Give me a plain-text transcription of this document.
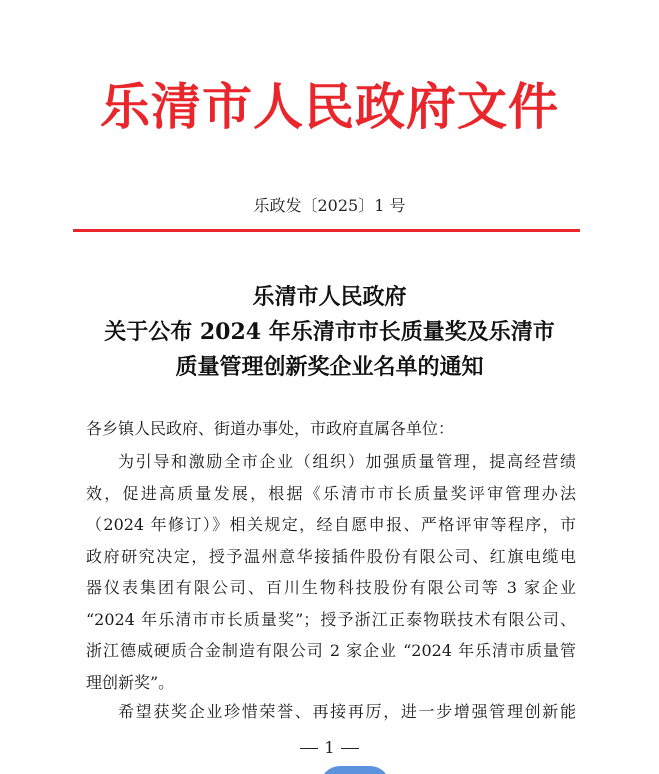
乐清市人民政府文件
乐政发〔2025〕1 号
乐清市人民政府
关于公布 2024 年乐清市市长质量奖及乐清市
质量管理创新奖企业名单的通知
各乡镇人民政府、街道办事处，市政府直属各单位：
为引导和激励全市企业（组织）加强质量管理，提高经营绩
效，促进高质量发展，根据《乐清市市长质量奖评审管理办法
（2024 年修订）》相关规定，经自愿申报、严格评审等程序，市
政府研究决定，授予温州意华接插件股份有限公司、红旗电缆电
器仪表集团有限公司、百川生物科技股份有限公司等 3 家企业
“2024 年乐清市市长质量奖”；授予浙江正泰物联技术有限公司、
浙江德威硬质合金制造有限公司 2 家企业 “2024 年乐清市质量管
理创新奖”。
希望获奖企业珍惜荣誉、再接再厉，进一步增强管理创新能
1
